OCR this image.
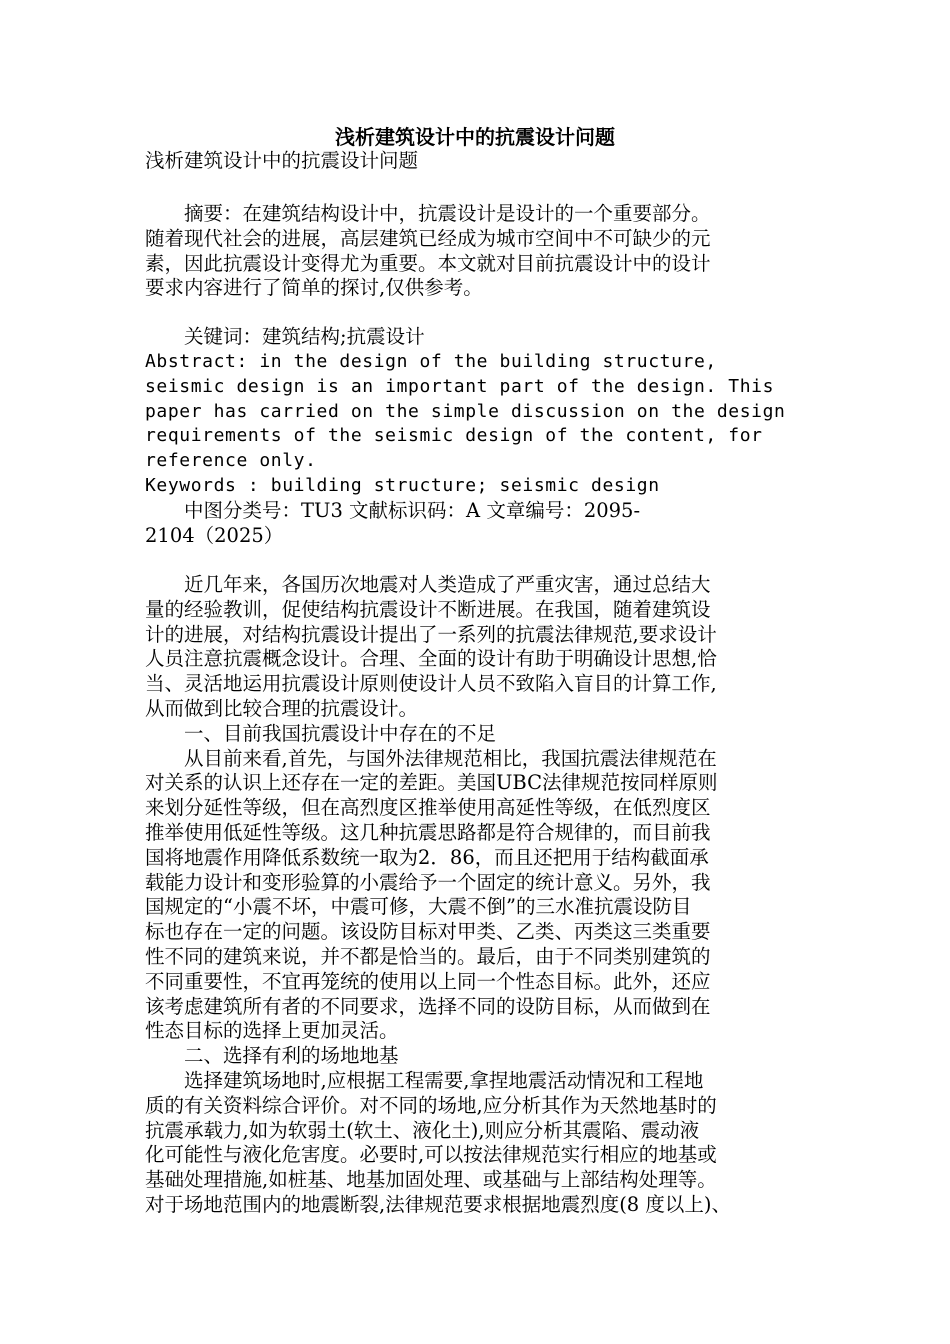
浅析建筑设计中的抗震设计问题
浅析建筑设计中的抗震设计问题
　　摘要：在建筑结构设计中，抗震设计是设计的一个重要部分。
随着现代社会的进展，高层建筑已经成为城市空间中不可缺少的元
素，因此抗震设计变得尤为重要。本文就对目前抗震设计中的设计
要求内容进行了简单的探讨,仅供参考。
　　关键词：建筑结构;抗震设计
Abstract: in the design of the building structure,
seismic design is an important part of the design. This
paper has carried on the simple discussion on the design
requirements of the seismic design of the content, for
reference only.
Keywords : building structure; seismic design
　　中图分类号：TU3 文献标识码：A 文章编号：2095-
2104（2025）
　　近几年来，各国历次地震对人类造成了严重灾害，通过总结大
量的经验教训，促使结构抗震设计不断进展。在我国，随着建筑设
计的进展，对结构抗震设计提出了一系列的抗震法律规范,要求设计
人员注意抗震概念设计。合理、全面的设计有助于明确设计思想,恰
当、灵活地运用抗震设计原则使设计人员不致陷入盲目的计算工作,
从而做到比较合理的抗震设计。
　　一、目前我国抗震设计中存在的不足
　　从目前来看,首先，与国外法律规范相比，我国抗震法律规范在
对关系的认识上还存在一定的差距。美国UBC法律规范按同样原则
来划分延性等级，但在高烈度区推举使用高延性等级，在低烈度区
推举使用低延性等级。这几种抗震思路都是符合规律的，而目前我
国将地震作用降低系数统一取为2．86，而且还把用于结构截面承
载能力设计和变形验算的小震给予一个固定的统计意义。另外，我
国规定的“小震不坏，中震可修，大震不倒”的三水准抗震设防目
标也存在一定的问题。该设防目标对甲类、乙类、丙类这三类重要
性不同的建筑来说，并不都是恰当的。最后，由于不同类别建筑的
不同重要性，不宜再笼统的使用以上同一个性态目标。此外，还应
该考虑建筑所有者的不同要求，选择不同的设防目标，从而做到在
性态目标的选择上更加灵活。
　　二、选择有利的场地地基
　　选择建筑场地时,应根据工程需要,拿捏地震活动情况和工程地
质的有关资料综合评价。对不同的场地,应分析其作为天然地基时的
抗震承载力,如为软弱土(软土、液化土),则应分析其震陷、震动液
化可能性与液化危害度。必要时,可以按法律规范实行相应的地基或
基础处理措施,如桩基、地基加固处理、或基础与上部结构处理等。
对于场地范围内的地震断裂,法律规范要求根据地震烈度(8 度以上)、
